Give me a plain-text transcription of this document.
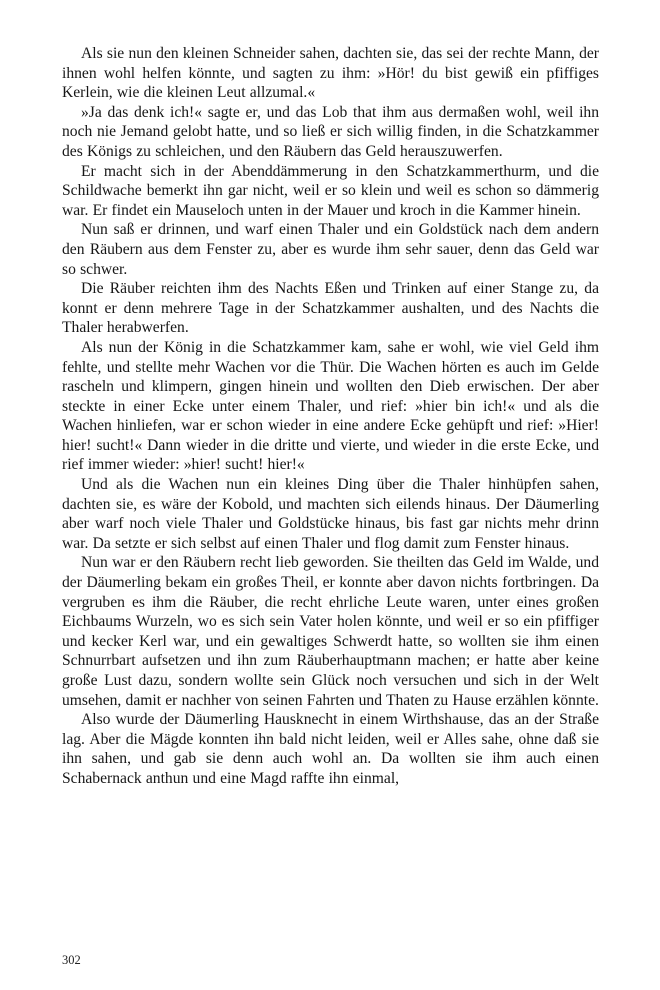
Als sie nun den kleinen Schneider sahen, dachten sie, das sei der rechte Mann, der ihnen wohl helfen könnte, und sagten zu ihm: »Hör! du bist gewiß ein pfiffiges Kerlein, wie die kleinen Leut allzumal.«

»Ja das denk ich!« sagte er, und das Lob that ihm aus dermaßen wohl, weil ihn noch nie Jemand gelobt hatte, und so ließ er sich willig finden, in die Schatzkammer des Königs zu schleichen, und den Räubern das Geld herauszuwerfen.

Er macht sich in der Abenddämmerung in den Schatzkammerthurm, und die Schildwache bemerkt ihn gar nicht, weil er so klein und weil es schon so dämmerig war. Er findet ein Mauseloch unten in der Mauer und kroch in die Kammer hinein.

Nun saß er drinnen, und warf einen Thaler und ein Goldstück nach dem andern den Räubern aus dem Fenster zu, aber es wurde ihm sehr sauer, denn das Geld war so schwer.

Die Räuber reichten ihm des Nachts Eßen und Trinken auf einer Stange zu, da konnt er denn mehrere Tage in der Schatzkammer aushalten, und des Nachts die Thaler herabwerfen.

Als nun der König in die Schatzkammer kam, sahe er wohl, wie viel Geld ihm fehlte, und stellte mehr Wachen vor die Thür. Die Wachen hörten es auch im Gelde rascheln und klimpern, gingen hinein und wollten den Dieb erwischen. Der aber steckte in einer Ecke unter einem Thaler, und rief: »hier bin ich!« und als die Wachen hinliefen, war er schon wieder in eine andere Ecke gehüpft und rief: »Hier! hier! sucht!« Dann wieder in die dritte und vierte, und wieder in die erste Ecke, und rief immer wieder: »hier! sucht! hier!«

Und als die Wachen nun ein kleines Ding über die Thaler hinhüpfen sahen, dachten sie, es wäre der Kobold, und machten sich eilends hinaus. Der Däumerling aber warf noch viele Thaler und Goldstücke hinaus, bis fast gar nichts mehr drinn war. Da setzte er sich selbst auf einen Thaler und flog damit zum Fenster hinaus.

Nun war er den Räubern recht lieb geworden. Sie theilten das Geld im Walde, und der Däumerling bekam ein großes Theil, er konnte aber davon nichts fortbringen. Da vergruben es ihm die Räuber, die recht ehrliche Leute waren, unter eines großen Eichbaums Wurzeln, wo es sich sein Vater holen könnte, und weil er so ein pfiffiger und kecker Kerl war, und ein gewaltiges Schwerdt hatte, so wollten sie ihm einen Schnurrbart aufsetzen und ihn zum Räuberhauptmann machen; er hatte aber keine große Lust dazu, sondern wollte sein Glück noch versuchen und sich in der Welt umsehen, damit er nachher von seinen Fahrten und Thaten zu Hause erzählen könnte.

Also wurde der Däumerling Hausknecht in einem Wirthshause, das an der Straße lag. Aber die Mägde konnten ihn bald nicht leiden, weil er Alles sahe, ohne daß sie ihn sahen, und gab sie denn auch wohl an. Da wollten sie ihm auch einen Schabernack anthun und eine Magd raffte ihn einmal,

302
